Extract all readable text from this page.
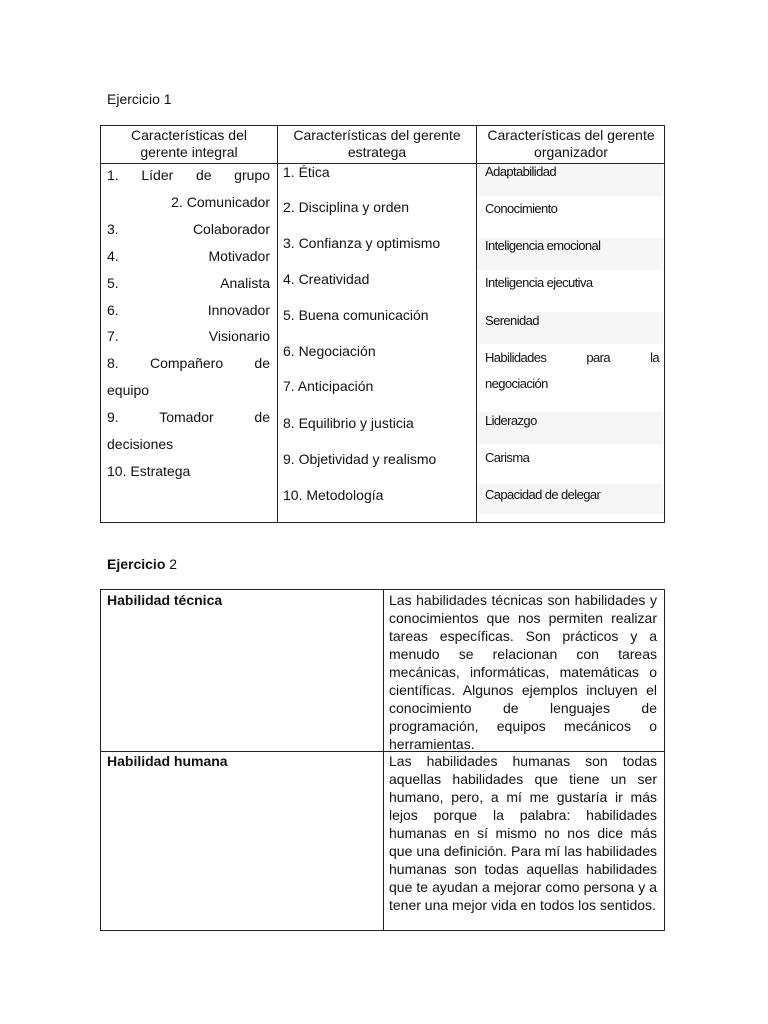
Ejercicio 1
Características del gerente integral
Características del gerente estratega
Características del gerente organizador
1. Líder de grupo
2. Comunicador
3. Colaborador
4. Motivador
5. Analista
6. Innovador
7. Visionario
8. Compañero de
equipo
9. Tomador de
decisiones
10. Estratega
1. Ética
2. Disciplina y orden
3. Confianza y optimismo
4. Creatividad
5. Buena comunicación
6. Negociación
7. Anticipación
8. Equilibrio y justicia
9. Objetividad y realismo
10. Metodología
Adaptabilidad
Conocimiento
Inteligencia emocional
Inteligencia ejecutiva
Serenidad
Habilidades para la
negociación
Liderazgo
Carisma
Capacidad de delegar
Ejercicio 2
Habilidad técnica	Las habilidades técnicas son habilidades y conocimientos que nos permiten realizar tareas específicas. Son prácticos y a menudo se relacionan con tareas mecánicas, informáticas, matemáticas o científicas. Algunos ejemplos incluyen el conocimiento de lenguajes de programación, equipos mecánicos o herramientas.
Habilidad humana	Las habilidades humanas son todas aquellas habilidades que tiene un ser humano, pero, a mí me gustaría ir más lejos porque la palabra: habilidades humanas en sí mismo no nos dice más que una definición. Para mí las habilidades humanas son todas aquellas habilidades que te ayudan a mejorar como persona y a tener una mejor vida en todos los sentidos.
